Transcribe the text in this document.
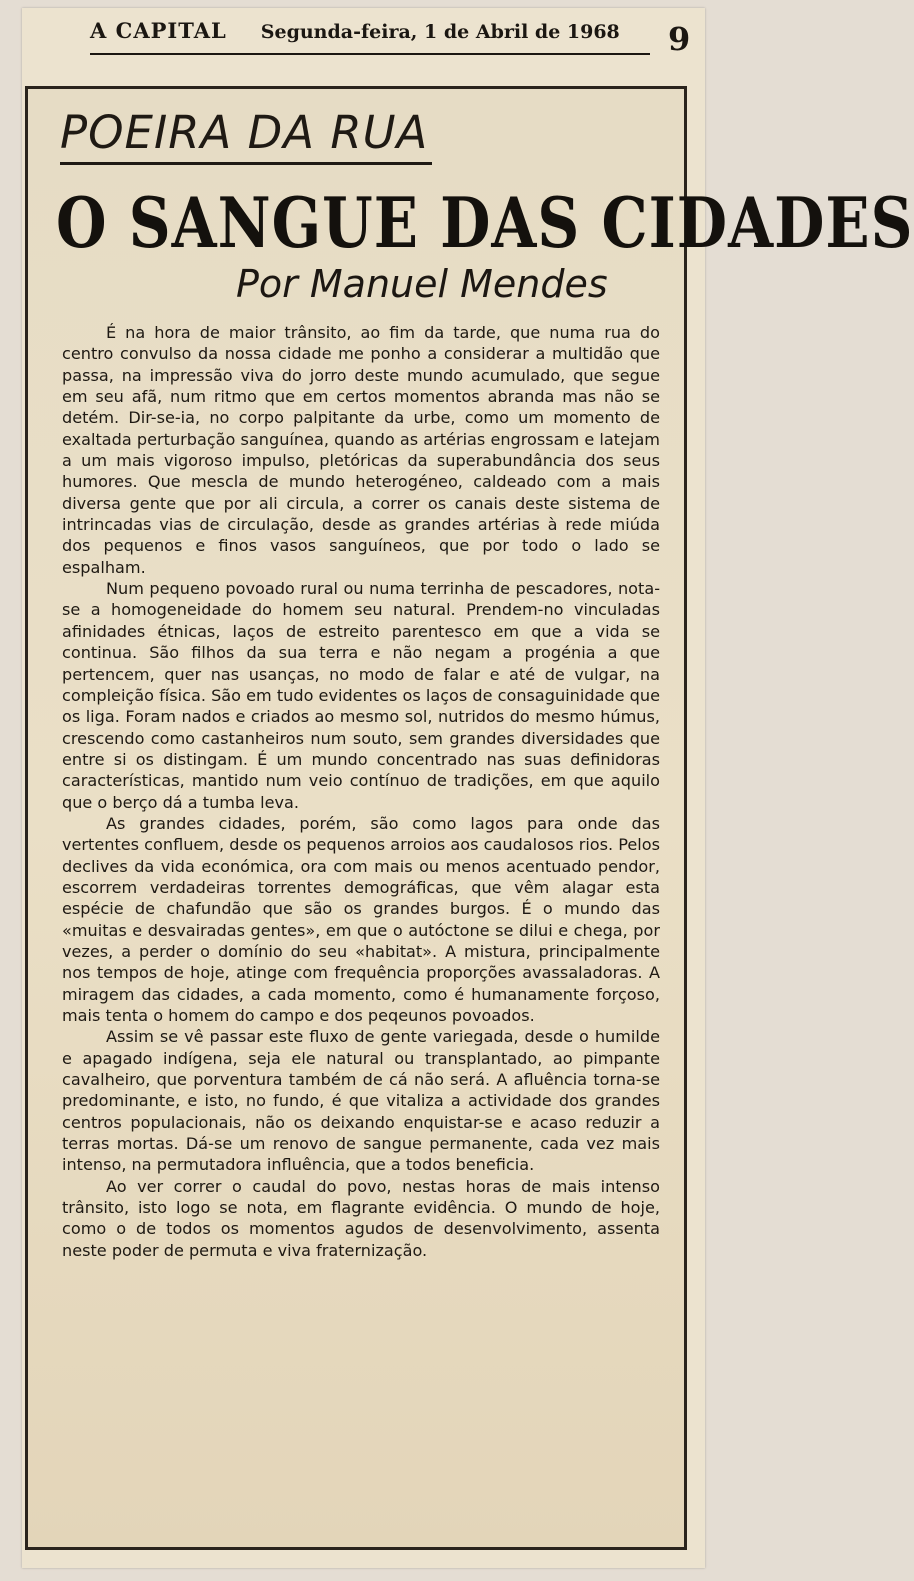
A CAPITAL Segunda-feira, 1 de Abril de 1968 9
POEIRA DA RUA
O SANGUE DAS CIDADES
Por Manuel Mendes

É na hora de maior trânsito, ao fim da tarde, que numa rua do centro convulso da nossa cidade me ponho a considerar a multidão que passa, na impressão viva do jorro deste mundo acumulado, que segue em seu afã, num ritmo que em certos momentos abranda mas não se detém. Dir-se-ia, no corpo palpitante da urbe, como um momento de exaltada perturbação sanguínea, quando as artérias engrossam e latejam a um mais vigoroso impulso, pletóricas da superabundância dos seus humores. Que mescla de mundo heterogéneo, caldeado com a mais diversa gente que por ali circula, a correr os canais deste sistema de intrincadas vias de circulação, desde as grandes artérias à rede miúda dos pequenos e finos vasos sanguíneos, que por todo o lado se espalham.

Num pequeno povoado rural ou numa terrinha de pescadores, nota-se a homogeneidade do homem seu natural. Prendem-no vinculadas afinidades étnicas, laços de estreito parentesco em que a vida se continua. São filhos da sua terra e não negam a progénia a que pertencem, quer nas usanças, no modo de falar e até de vulgar, na compleição física. São em tudo evidentes os laços de consaguinidade que os liga. Foram nados e criados ao mesmo sol, nutridos do mesmo húmus, crescendo como castanheiros num souto, sem grandes diversidades que entre si os distingam. É um mundo concentrado nas suas definidoras características, mantido num veio contínuo de tradições, em que aquilo que o berço dá a tumba leva.

As grandes cidades, porém, são como lagos para onde das vertentes confluem, desde os pequenos arroios aos caudalosos rios. Pelos declives da vida económica, ora com mais ou menos acentuado pendor, escorrem verdadeiras torrentes demográficas, que vêm alagar esta espécie de chafundão que são os grandes burgos. É o mundo das «muitas e desvairadas gentes», em que o autóctone se dilui e chega, por vezes, a perder o domínio do seu «habitat». A mistura, principalmente nos tempos de hoje, atinge com frequência proporções avassaladoras. A miragem das cidades, a cada momento, como é humanamente forçoso, mais tenta o homem do campo e dos peqeunos povoados.

Assim se vê passar este fluxo de gente variegada, desde o humilde e apagado indígena, seja ele natural ou transplantado, ao pimpante cavalheiro, que porventura também de cá não será. A afluência torna-se predominante, e isto, no fundo, é que vitaliza a actividade dos grandes centros populacionais, não os deixando enquistar-se e acaso reduzir a terras mortas. Dá-se um renovo de sangue permanente, cada vez mais intenso, na permutadora influência, que a todos beneficia.

Ao ver correr o caudal do povo, nestas horas de mais intenso trânsito, isto logo se nota, em flagrante evidência. O mundo de hoje, como o de todos os momentos agudos de desenvolvimento, assenta neste poder de permuta e viva fraternização.
